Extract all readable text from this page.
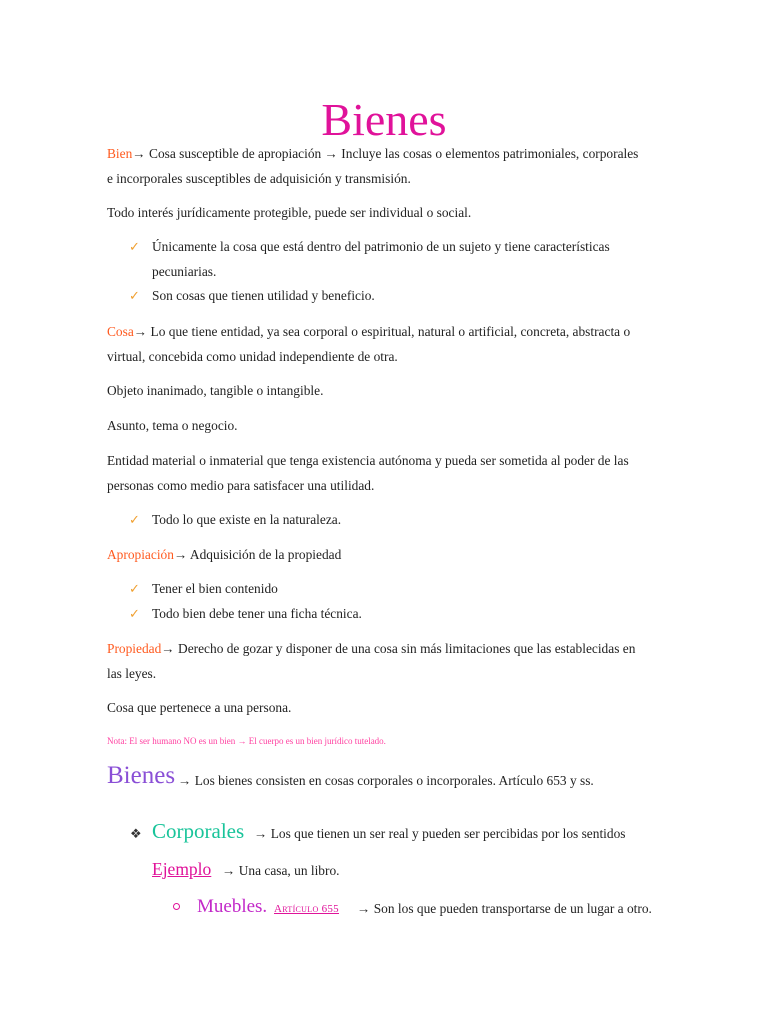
Bienes
Bien→ Cosa susceptible de apropiación → Incluye las cosas o elementos patrimoniales, corporales
e incorporales susceptibles de adquisición y transmisión.
Todo interés jurídicamente protegible, puede ser individual o social.
✓ Únicamente la cosa que está dentro del patrimonio de un sujeto y tiene características
pecuniarias.
✓ Son cosas que tienen utilidad y beneficio.
Cosa→ Lo que tiene entidad, ya sea corporal o espiritual, natural o artificial, concreta, abstracta o
virtual, concebida como unidad independiente de otra.
Objeto inanimado, tangible o intangible.
Asunto, tema o negocio.
Entidad material o inmaterial que tenga existencia autónoma y pueda ser sometida al poder de las
personas como medio para satisfacer una utilidad.
✓ Todo lo que existe en la naturaleza.
Apropiación→ Adquisición de la propiedad
✓ Tener el bien contenido
✓ Todo bien debe tener una ficha técnica.
Propiedad→ Derecho de gozar y disponer de una cosa sin más limitaciones que las establecidas en
las leyes.
Cosa que pertenece a una persona.
Nota: El ser humano NO es un bien → El cuerpo es un bien jurídico tutelado.
Bienes → Los bienes consisten en cosas corporales o incorporales. Artículo 653 y ss.
❖ Corporales → Los que tienen un ser real y pueden ser percibidas por los sentidos
Ejemplo → Una casa, un libro.
Muebles. Artículo 655 → Son los que pueden transportarse de un lugar a otro.
